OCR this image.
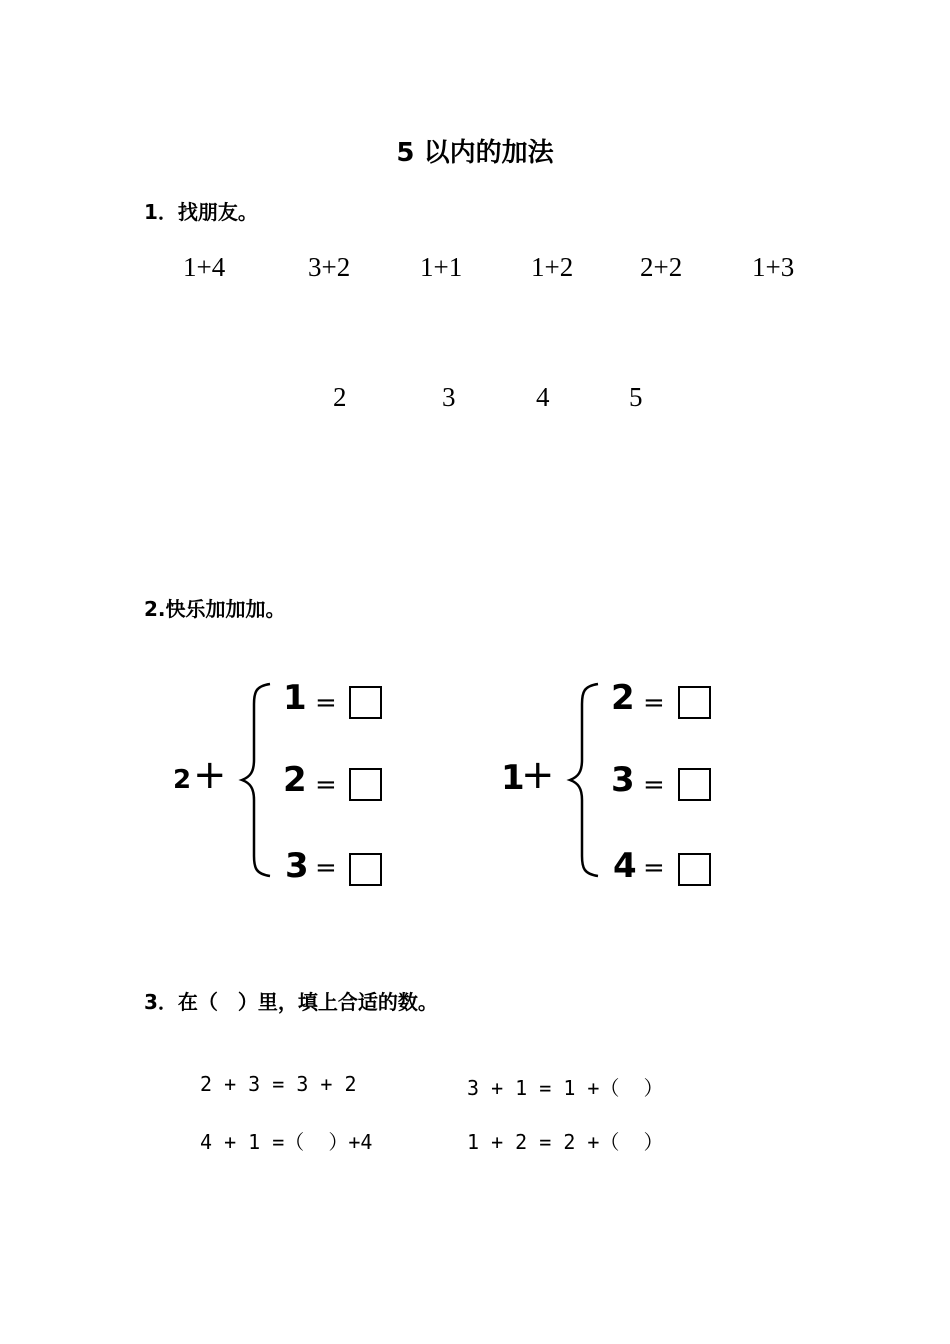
5 以内的加法
1．找朋友。
1+4	3+2	1+1	1+2 2+2	1+3
2	3	4	5
2.快乐加加加。
2 +
1
2
3
=
=
=
1
+
2
3
4
=
=
=
3．在（　）里，填上合适的数。
2 + 3 = 3 + 2	3 + 1 = 1 +（  ）
4 + 1 =（  ）+4	1 + 2 = 2 +（  ）
